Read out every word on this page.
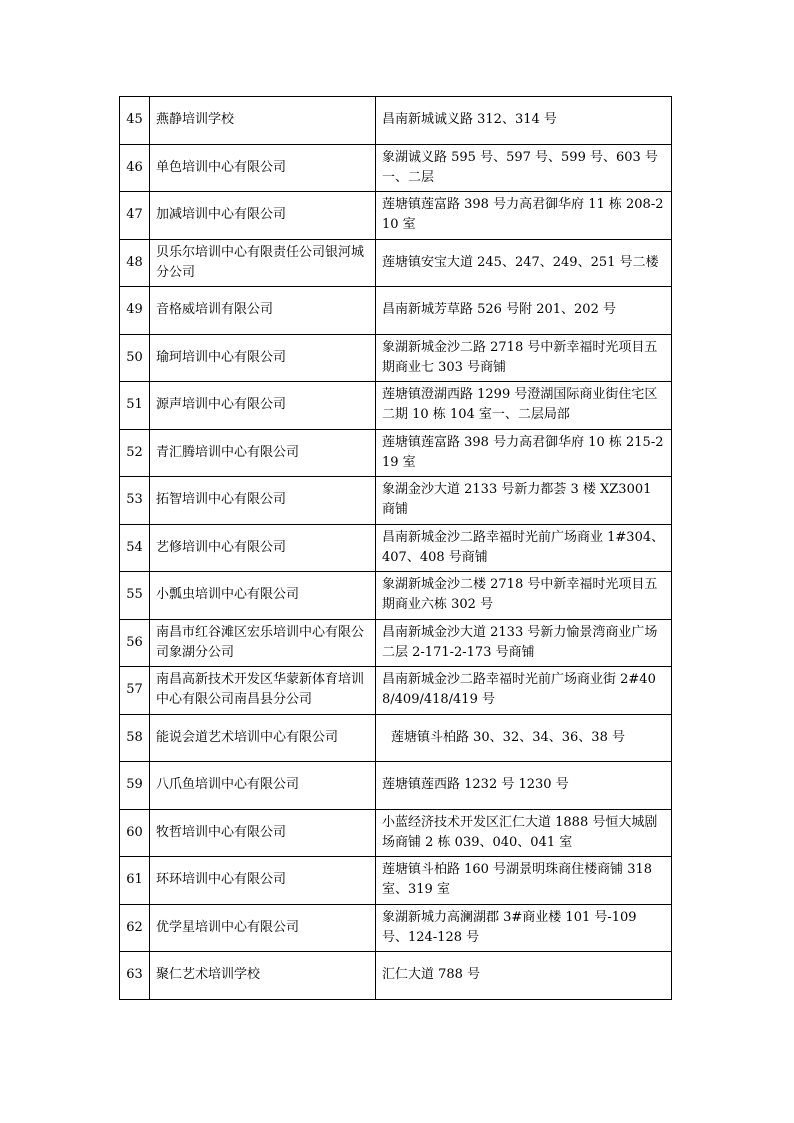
45	燕静培训学校	昌南新城诚义路 312、314 号
46	单色培训中心有限公司	象湖诚义路 595 号、597 号、599 号、603 号一、二层
47	加减培训中心有限公司	莲塘镇莲富路 398 号力高君御华府 11 栋 208-210 室
48	贝乐尔培训中心有限责任公司银河城分公司	莲塘镇安宝大道 245、247、249、251 号二楼
49	音格威培训有限公司	昌南新城芳草路 526 号附 201、202 号
50	瑜珂培训中心有限公司	象湖新城金沙二路 2718 号中新幸福时光项目五期商业七 303 号商铺
51	源声培训中心有限公司	莲塘镇澄湖西路 1299 号澄湖国际商业街住宅区二期 10 栋 104 室一、二层局部
52	青汇腾培训中心有限公司	莲塘镇莲富路 398 号力高君御华府 10 栋 215-219 室
53	拓智培训中心有限公司	象湖金沙大道 2133 号新力都荟 3 楼 XZ3001 商铺
54	艺修培训中心有限公司	昌南新城金沙二路幸福时光前广场商业 1#304、407、408 号商铺
55	小瓢虫培训中心有限公司	象湖新城金沙二楼 2718 号中新幸福时光项目五期商业六栋 302 号
56	南昌市红谷滩区宏乐培训中心有限公司象湖分公司	昌南新城金沙大道 2133 号新力愉景湾商业广场二层 2-171-2-173 号商铺
57	南昌高新技术开发区华蒙新体育培训中心有限公司南昌县分公司	昌南新城金沙二路幸福时光前广场商业街 2#408/409/418/419 号
58	能说会道艺术培训中心有限公司	莲塘镇斗柏路 30、32、34、36、38 号
59	八爪鱼培训中心有限公司	莲塘镇莲西路 1232 号 1230 号
60	牧哲培训中心有限公司	小蓝经济技术开发区汇仁大道 1888 号恒大城剧场商铺 2 栋 039、040、041 室
61	环环培训中心有限公司	莲塘镇斗柏路 160 号湖景明珠商住楼商铺 318 室、319 室
62	优学星培训中心有限公司	象湖新城力高澜湖郡 3#商业楼 101 号-109 号、124-128 号
63	聚仁艺术培训学校	汇仁大道 788 号
